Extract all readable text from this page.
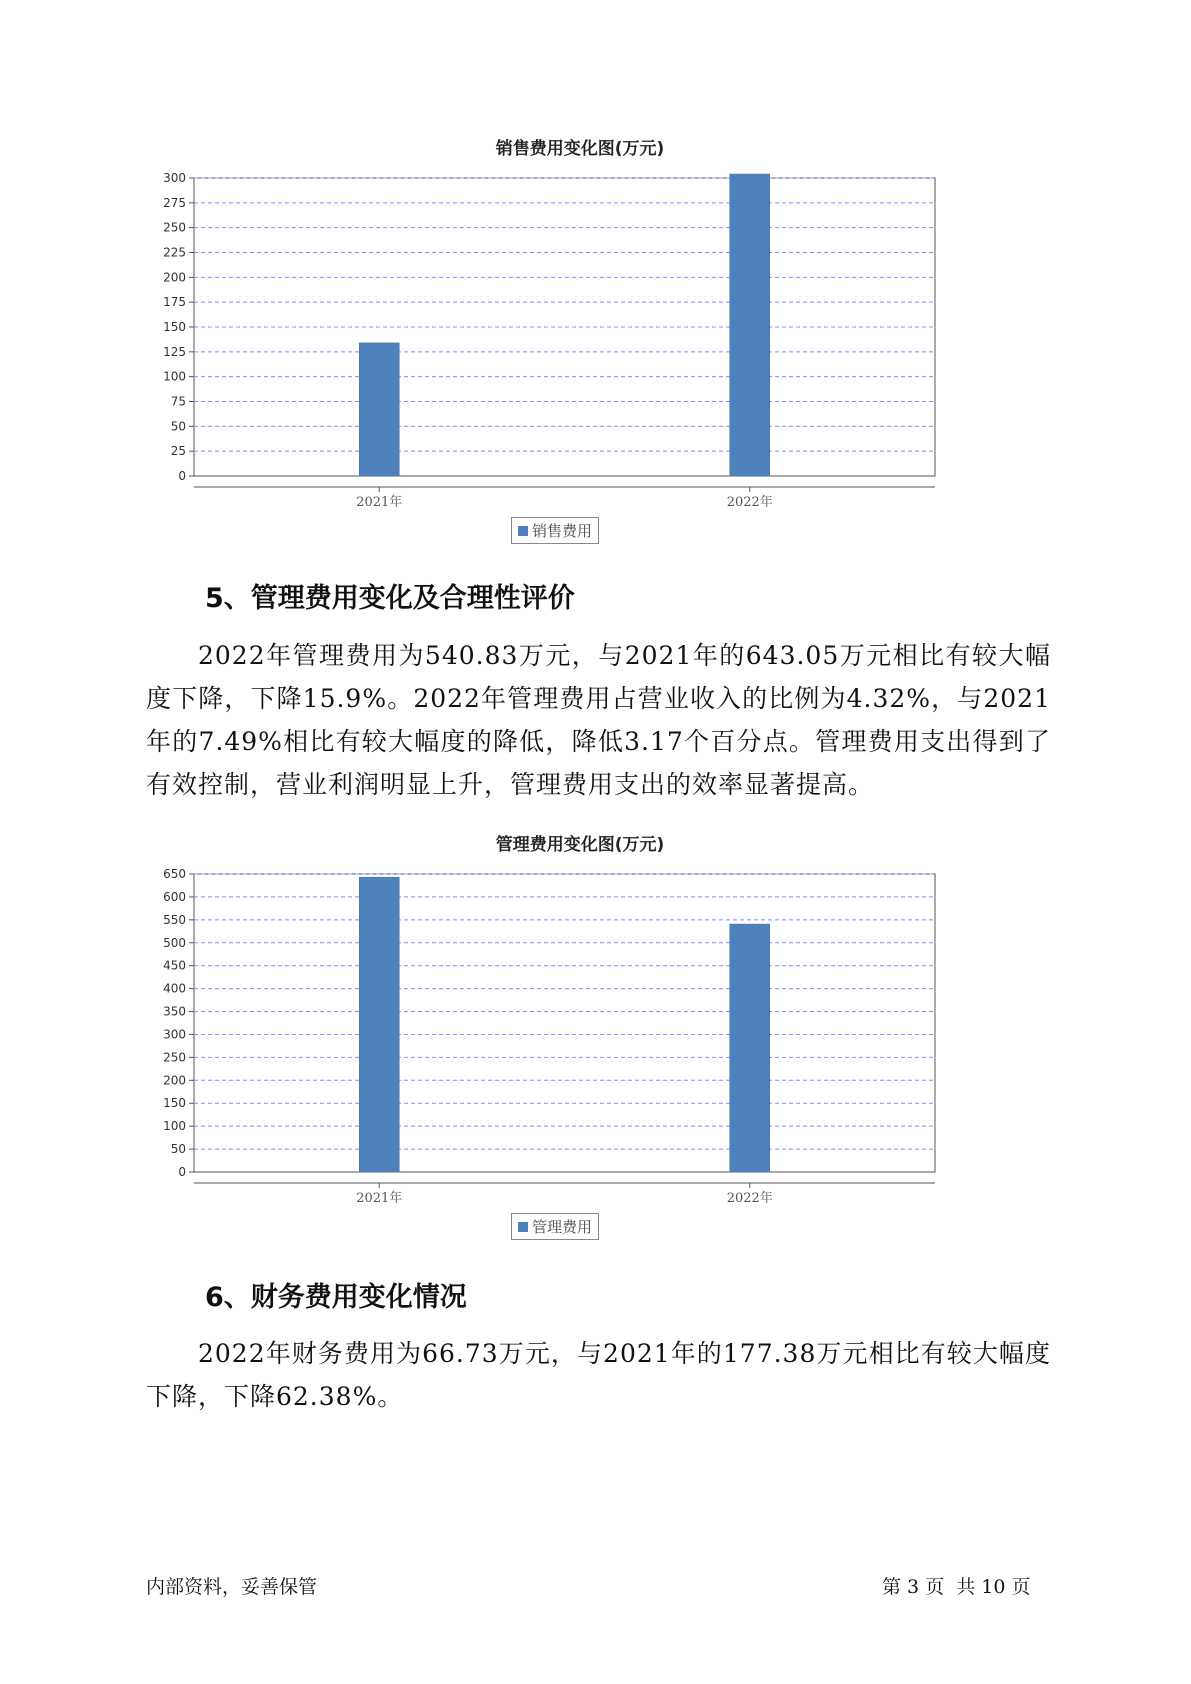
销售费用变化图(万元)
0
25
50
75
100
125
150
175
200
225
250
275
300
2021年	2022年
销售费用
5、管理费用变化及合理性评价
2022年管理费用为540.83万元，与2021年的643.05万元相比有较大幅度下降，下降15.9%。2022年管理费用占营业收入的比例为4.32%，与2021年的7.49%相比有较大幅度的降低，降低3.17个百分点。管理费用支出得到了有效控制，营业利润明显上升，管理费用支出的效率显著提高。
管理费用变化图(万元)
0
50
100
150
200
250
300
350
400
450
500
550
600
650
2021年	2022年
管理费用
6、财务费用变化情况
2022年财务费用为66.73万元，与2021年的177.38万元相比有较大幅度下降，下降62.38%。
内部资料，妥善保管	第 3 页  共 10 页
